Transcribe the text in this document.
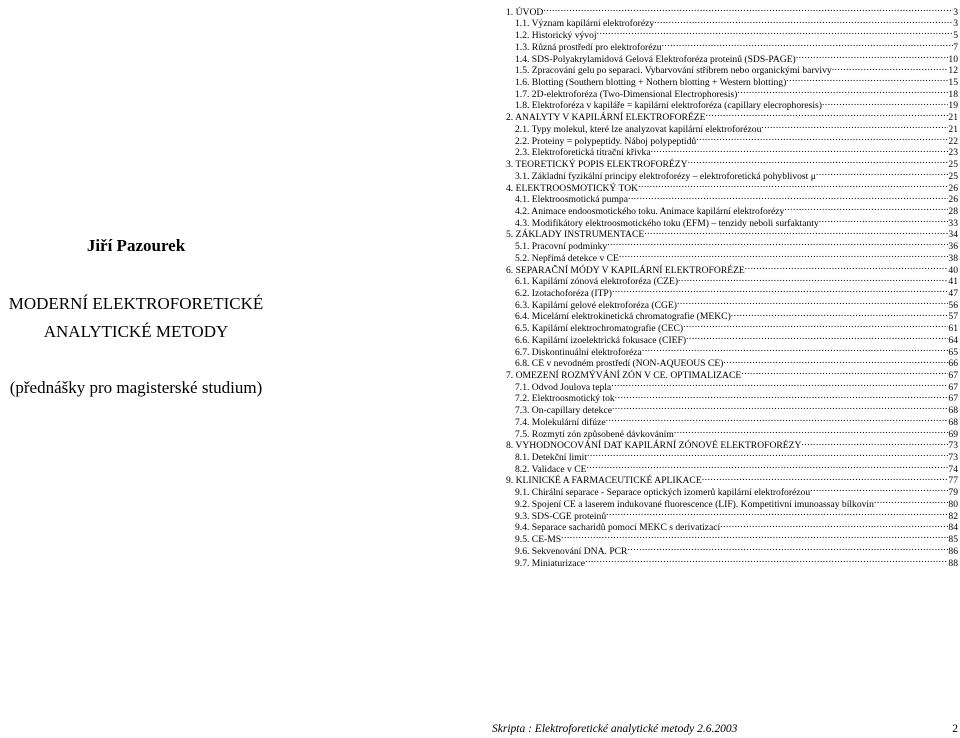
Jiří Pazourek
MODERNÍ ELEKTROFORETICKÉ
ANALYTICKÉ METODY
(přednášky pro magisterské studium)
1. ÚVOD .....	3
1.1. Význam kapilární elektroforézy .....	3
1.2. Historický vývoj .....	5
1.3. Různá prostředí pro elektroforézu .....	7
1.4. SDS-Polyakrylamidová Gelová Elektroforéza proteinů (SDS-PAGE) .....	10
1.5. Zpracování gelu po separaci. Vybarvování stříbrem nebo organickými barvivy .....	12
1.6. Blotting (Southern blotting + Nothern blotting + Western blotting) .....	15
1.7. 2D-elektroforéza (Two-Dimensional Electrophoresis) .....	18
1.8. Elektroforéza v kapiláře = kapilární elektroforéza (capillary elecrophoresis) .....	19
2. ANALYTY V KAPILÁRNÍ ELEKTROFORÉZE .....	21
2.1. Typy molekul, které lze analyzovat kapilární elektroforézou .....	21
2.2. Proteiny = polypeptidy. Náboj polypeptidů .....	22
2.3. Elektroforetická titrační křivka .....	23
3. TEORETICKÝ POPIS ELEKTROFORÉZY .....	25
3.1. Základní fyzikální principy elektroforézy – elektroforetická pohyblivost μ .....	25
4. ELEKTROOSMOTICKÝ TOK .....	26
4.1. Elektroosmotická pumpa .....	26
4.2. Animace endoosmotického toku. Animace kapilární elektroforézy .....	28
4.3. Modifikátory elektroosmotického toku (EFM) – tenzidy neboli surfaktanty .....	33
5. ZÁKLADY INSTRUMENTACE .....	34
5.1. Pracovní podmínky .....	36
5.2. Nepřímá detekce v CE .....	38
6. SEPARAČNÍ MÓDY V KAPILÁRNÍ ELEKTROFORÉZE .....	40
6.1. Kapilární zónová elektroforéza (CZE) .....	41
6.2. Izotachoforéza (ITP) .....	47
6.3. Kapilární gelové elektroforéza (CGE) .....	56
6.4. Micelární elektrokinetická chromatografie (MEKC) .....	57
6.5. Kapilární elektrochromatografie (CEC) .....	61
6.6. Kapilární izoelektrická fokusace (CIEF) .....	64
6.7. Diskontinuální elektroforéza .....	65
6.8. CE v nevodném prostředí (NON-AQUEOUS CE) .....	66
7. OMEZENÍ ROZMÝVÁNÍ ZÓN V CE. OPTIMALIZACE .....	67
7.1. Odvod Joulova tepla .....	67
7.2. Elektroosmotický tok .....	67
7.3. On-capillary detekce .....	68
7.4. Molekulární difúze .....	68
7.5. Rozmytí zón způsobené dávkováním .....	69
8. VYHODNOCOVÁNÍ DAT KAPILÁRNÍ ZÓNOVÉ ELEKTROFORÉZY .....	73
8.1. Detekční limit .....	73
8.2. Validace v CE .....	74
9. KLINICKÉ A FARMACEUTICKÉ APLIKACE .....	77
9.1. Chirální separace - Separace optických izomerů kapilární elektroforézou .....	79
9.2. Spojení CE a laserem indukované fluorescence (LIF). Kompetitivní imunoassay bílkovin .....	80
9.3. SDS-CGE proteinů .....	82
9.4. Separace sacharidů pomocí MEKC s derivatizací .....	84
9.5. CE-MS .....	85
9.6. Sekvenování DNA. PCR .....	86
9.7. Miniaturizace .....	88
Skripta : Elektroforetické analytické metody 2.6.2003	2
